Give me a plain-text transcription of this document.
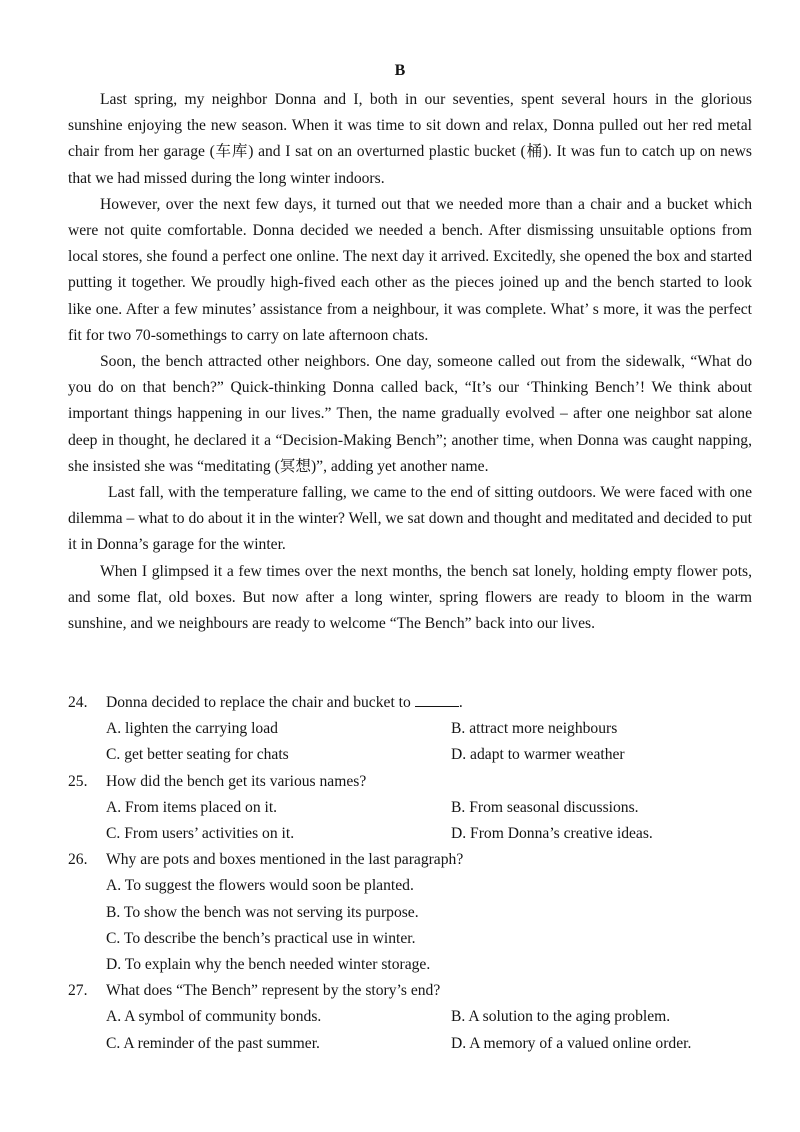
B

Last spring, my neighbor Donna and I, both in our seventies, spent several hours in the glorious sunshine enjoying the new season. When it was time to sit down and relax, Donna pulled out her red metal chair from her garage (车库) and I sat on an overturned plastic bucket (桶). It was fun to catch up on news that we had missed during the long winter indoors.

However, over the next few days, it turned out that we needed more than a chair and a bucket which were not quite comfortable. Donna decided we needed a bench. After dismissing unsuitable options from local stores, she found a perfect one online. The next day it arrived. Excitedly, she opened the box and started putting it together. We proudly high-fived each other as the pieces joined up and the bench started to look like one. After a few minutes’ assistance from a neighbour, it was complete. What’ s more, it was the perfect fit for two 70-somethings to carry on late afternoon chats.

Soon, the bench attracted other neighbors. One day, someone called out from the sidewalk, “What do you do on that bench?” Quick-thinking Donna called back, “It’s our ‘Thinking Bench’! We think about important things happening in our lives.” Then, the name gradually evolved – after one neighbor sat alone deep in thought, he declared it a “Decision-Making Bench”; another time, when Donna was caught napping, she insisted she was “meditating (冥想)”, adding yet another name.

Last fall, with the temperature falling, we came to the end of sitting outdoors. We were faced with one dilemma – what to do about it in the winter? Well, we sat down and thought and meditated and decided to put it in Donna’s garage for the winter.

When I glimpsed it a few times over the next months, the bench sat lonely, holding empty flower pots, and some flat, old boxes. But now after a long winter, spring flowers are ready to bloom in the warm sunshine, and we neighbours are ready to welcome “The Bench” back into our lives.

24.	Donna decided to replace the chair and bucket to	.
A. lighten the carrying load	B. attract more neighbours
C. get better seating for chats	D. adapt to warmer weather
25.	How did the bench get its various names?
A. From items placed on it.	B. From seasonal discussions.
C. From users’ activities on it.	D. From Donna’s creative ideas.
26.	Why are pots and boxes mentioned in the last paragraph?
A. To suggest the flowers would soon be planted.
B. To show the bench was not serving its purpose.
C. To describe the bench’s practical use in winter.
D. To explain why the bench needed winter storage.
27.	What does “The Bench” represent by the story’s end?
A. A symbol of community bonds.	B. A solution to the aging problem.
C. A reminder of the past summer.	D. A memory of a valued online order.
